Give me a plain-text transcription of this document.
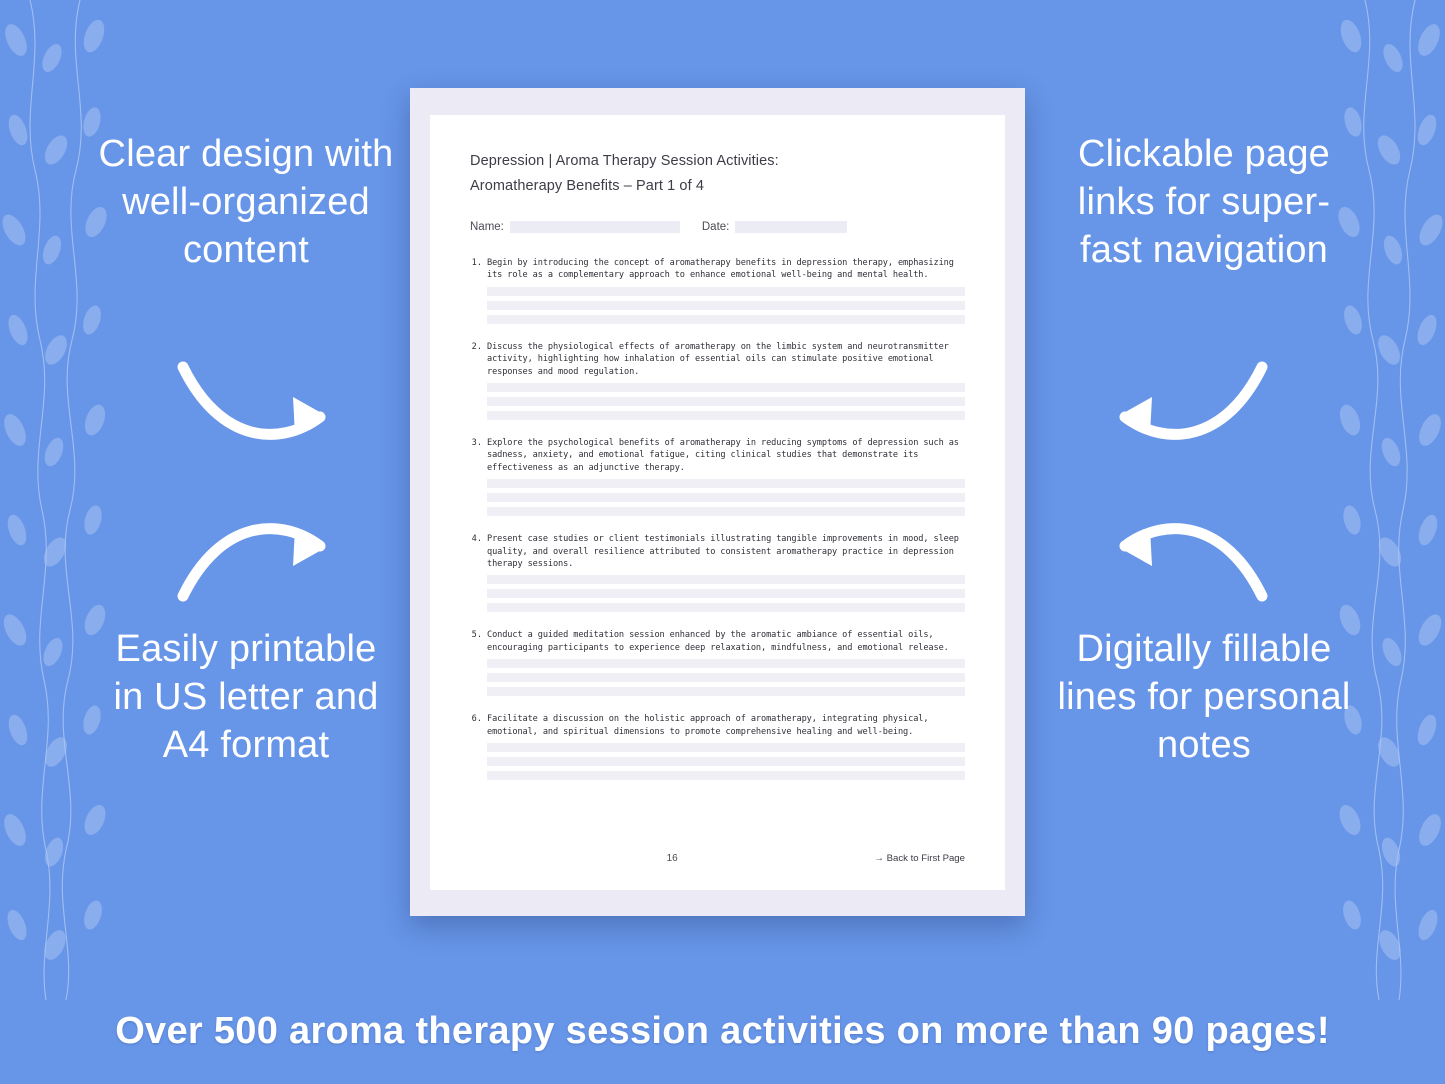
Clear design with well-organized content
Easily printable in US letter and A4 format
Clickable page links for super-fast navigation
Digitally fillable lines for personal notes
Depression | Aroma Therapy Session Activities:
Aromatherapy Benefits – Part 1 of 4
Name:	Date:
1. Begin by introducing the concept of aromatherapy benefits in depression therapy, emphasizing its role as a complementary approach to enhance emotional well-being and mental health.
2. Discuss the physiological effects of aromatherapy on the limbic system and neurotransmitter activity, highlighting how inhalation of essential oils can stimulate positive emotional responses and mood regulation.
3. Explore the psychological benefits of aromatherapy in reducing symptoms of depression such as sadness, anxiety, and emotional fatigue, citing clinical studies that demonstrate its effectiveness as an adjunctive therapy.
4. Present case studies or client testimonials illustrating tangible improvements in mood, sleep quality, and overall resilience attributed to consistent aromatherapy practice in depression therapy sessions.
5. Conduct a guided meditation session enhanced by the aromatic ambiance of essential oils, encouraging participants to experience deep relaxation, mindfulness, and emotional release.
6. Facilitate a discussion on the holistic approach of aromatherapy, integrating physical, emotional, and spiritual dimensions to promote comprehensive healing and well-being.
16	→ Back to First Page
Over 500 aroma therapy session activities on more than 90 pages!
